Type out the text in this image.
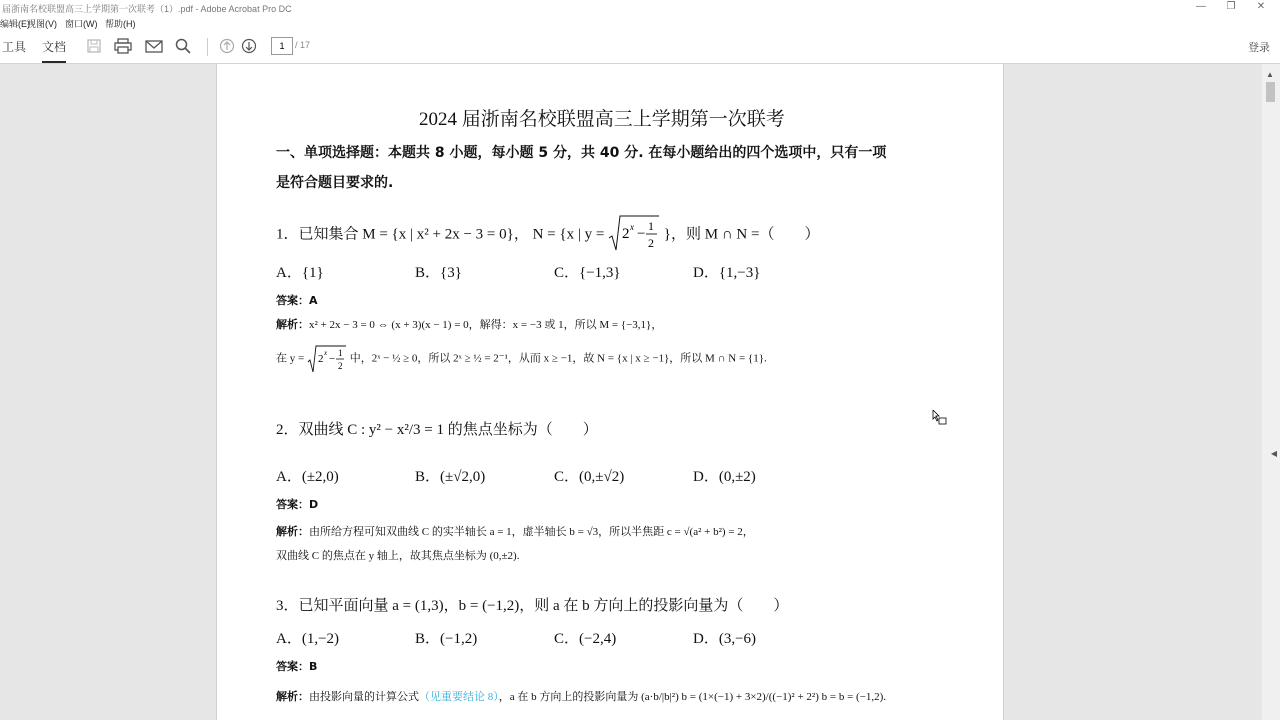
届浙南名校联盟高三上学期第一次联考（1）.pdf - Adobe Acrobat Pro DC	—	❐	✕
编辑(E)
视图(V) 窗口(W) 帮助(H)
工具 文档	1	/ 17	登录
2024 届浙南名校联盟高三上学期第一次联考
一、单项选择题：本题共 8 小题，每小题 5 分，共 40 分. 在每小题给出的四个选项中，只有一项
是符合题目要求的.
1．已知集合 M = {x | x² + 2x − 3 = 0}， N = {x | y = 2 x − 1
2
}，则 M ∩ N =（　　）
A．{1}	B．{3}	C．{−1,3}	D．{1,−3}
答案：A
解析：x² + 2x − 3 = 0 ⇔ (x + 3)(x − 1) = 0，解得：x = −3 或 1，所以 M = {−3,1}，
在 y = 2 x − 1
2
中，2ˣ − ½ ≥ 0，所以 2ˣ ≥ ½ = 2⁻¹，从而 x ≥ −1，故 N = {x | x ≥ −1}，所以 M ∩ N = {1}.
2．双曲线 C : y² − x²/3 = 1 的焦点坐标为（　　）
A．(±2,0)	B．(±√2,0)	C．(0,±√2)	D．(0,±2)
答案：D
解析：由所给方程可知双曲线 C 的实半轴长 a = 1，虚半轴长 b = √3，所以半焦距 c = √(a² + b²) = 2，
双曲线 C 的焦点在 y 轴上，故其焦点坐标为 (0,±2).
3．已知平面向量 a = (1,3)，b = (−1,2)，则 a 在 b 方向上的投影向量为（　　）
A．(1,−2)	B．(−1,2)	C．(−2,4)	D．(3,−6)
答案：B
解析：由投影向量的计算公式（见重要结论 8），a 在 b 方向上的投影向量为 (a·b/|b|²) b = (1×(−1) + 3×2)/((−1)² + 2²) b = b = (−1,2).
▲
◀
